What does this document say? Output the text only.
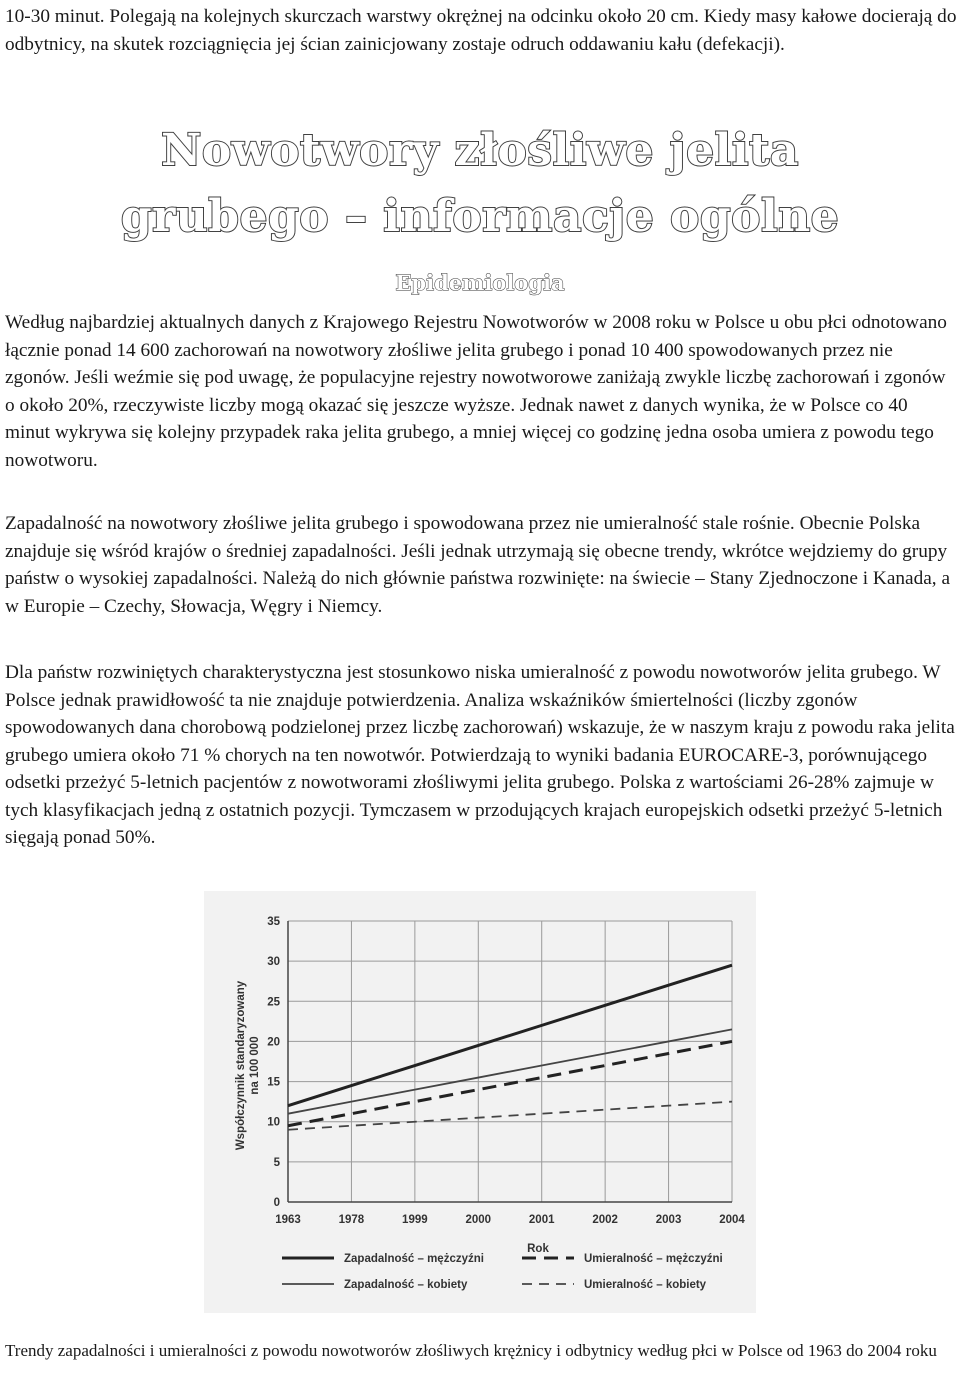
10-30 minut. Polegają na kolejnych skurczach warstwy okrężnej na odcinku około 20 cm. Kiedy masy kałowe docierają do odbytnicy, na skutek rozciągnięcia jej ścian zainicjowany zostaje odruch oddawaniu kału (defekacji).

Nowotwory złośliwe jelita
grubego – informacje ogólne
Epidemiologia

Według najbardziej aktualnych danych z Krajowego Rejestru Nowotworów w 2008 roku w Polsce u obu płci odnotowano łącznie ponad 14 600 zachorowań na nowotwory złośliwe jelita grubego i ponad 10 400 spowodowanych przez nie zgonów. Jeśli weźmie się pod uwagę, że populacyjne rejestry nowotworowe zaniżają zwykle liczbę zachorowań i zgonów o około 20%, rzeczywiste liczby mogą okazać się jeszcze wyższe. Jednak nawet z danych wynika, że w Polsce co 40 minut wykrywa się kolejny przypadek raka jelita grubego, a mniej więcej co godzinę jedna osoba umiera z powodu tego nowotworu.

Zapadalność na nowotwory złośliwe jelita grubego i spowodowana przez nie umieralność stale rośnie. Obecnie Polska znajduje się wśród krajów o średniej zapadalności. Jeśli jednak utrzymają się obecne trendy, wkrótce wejdziemy do grupy państw o wysokiej zapadalności. Należą do nich głównie państwa rozwinięte: na świecie – Stany Zjednoczone i Kanada, a w Europie – Czechy, Słowacja, Węgry i Niemcy.

Dla państw rozwiniętych charakterystyczna jest stosunkowo niska umieralność z powodu nowotworów jelita grubego. W Polsce jednak prawidłowość ta nie znajduje potwierdzenia. Analiza wskaźników śmiertelności (liczby zgonów spowodowanych dana chorobową podzielonej przez liczbę zachorowań) wskazuje, że w naszym kraju z powodu raka jelita grubego umiera około 71 % chorych na ten nowotwór. Potwierdzają to wyniki badania EUROCARE-3, porównującego odsetki przeżyć 5-letnich pacjentów z nowotworami złośliwymi jelita grubego. Polska z wartościami 26-28% zajmuje w tych klasyfikacjach jedną z ostatnich pozycji. Tymczasem w przodujących krajach europejskich odsetki przeżyć 5-letnich sięgają ponad 50%.

0
5
10
15
20
25
30
35
1963	1978	1999	2000	2001	2002	2003	2004
Rok
Współczynnik standaryzowany na 100 000
Zapadalność – mężczyźni
Zapadalność – kobiety
Umieralność – mężczyźni
Umieralność – kobiety

Trendy zapadalności i umieralności z powodu nowotworów złośliwych krężnicy i odbytnicy według płci w Polsce od 1963 do 2004 roku
